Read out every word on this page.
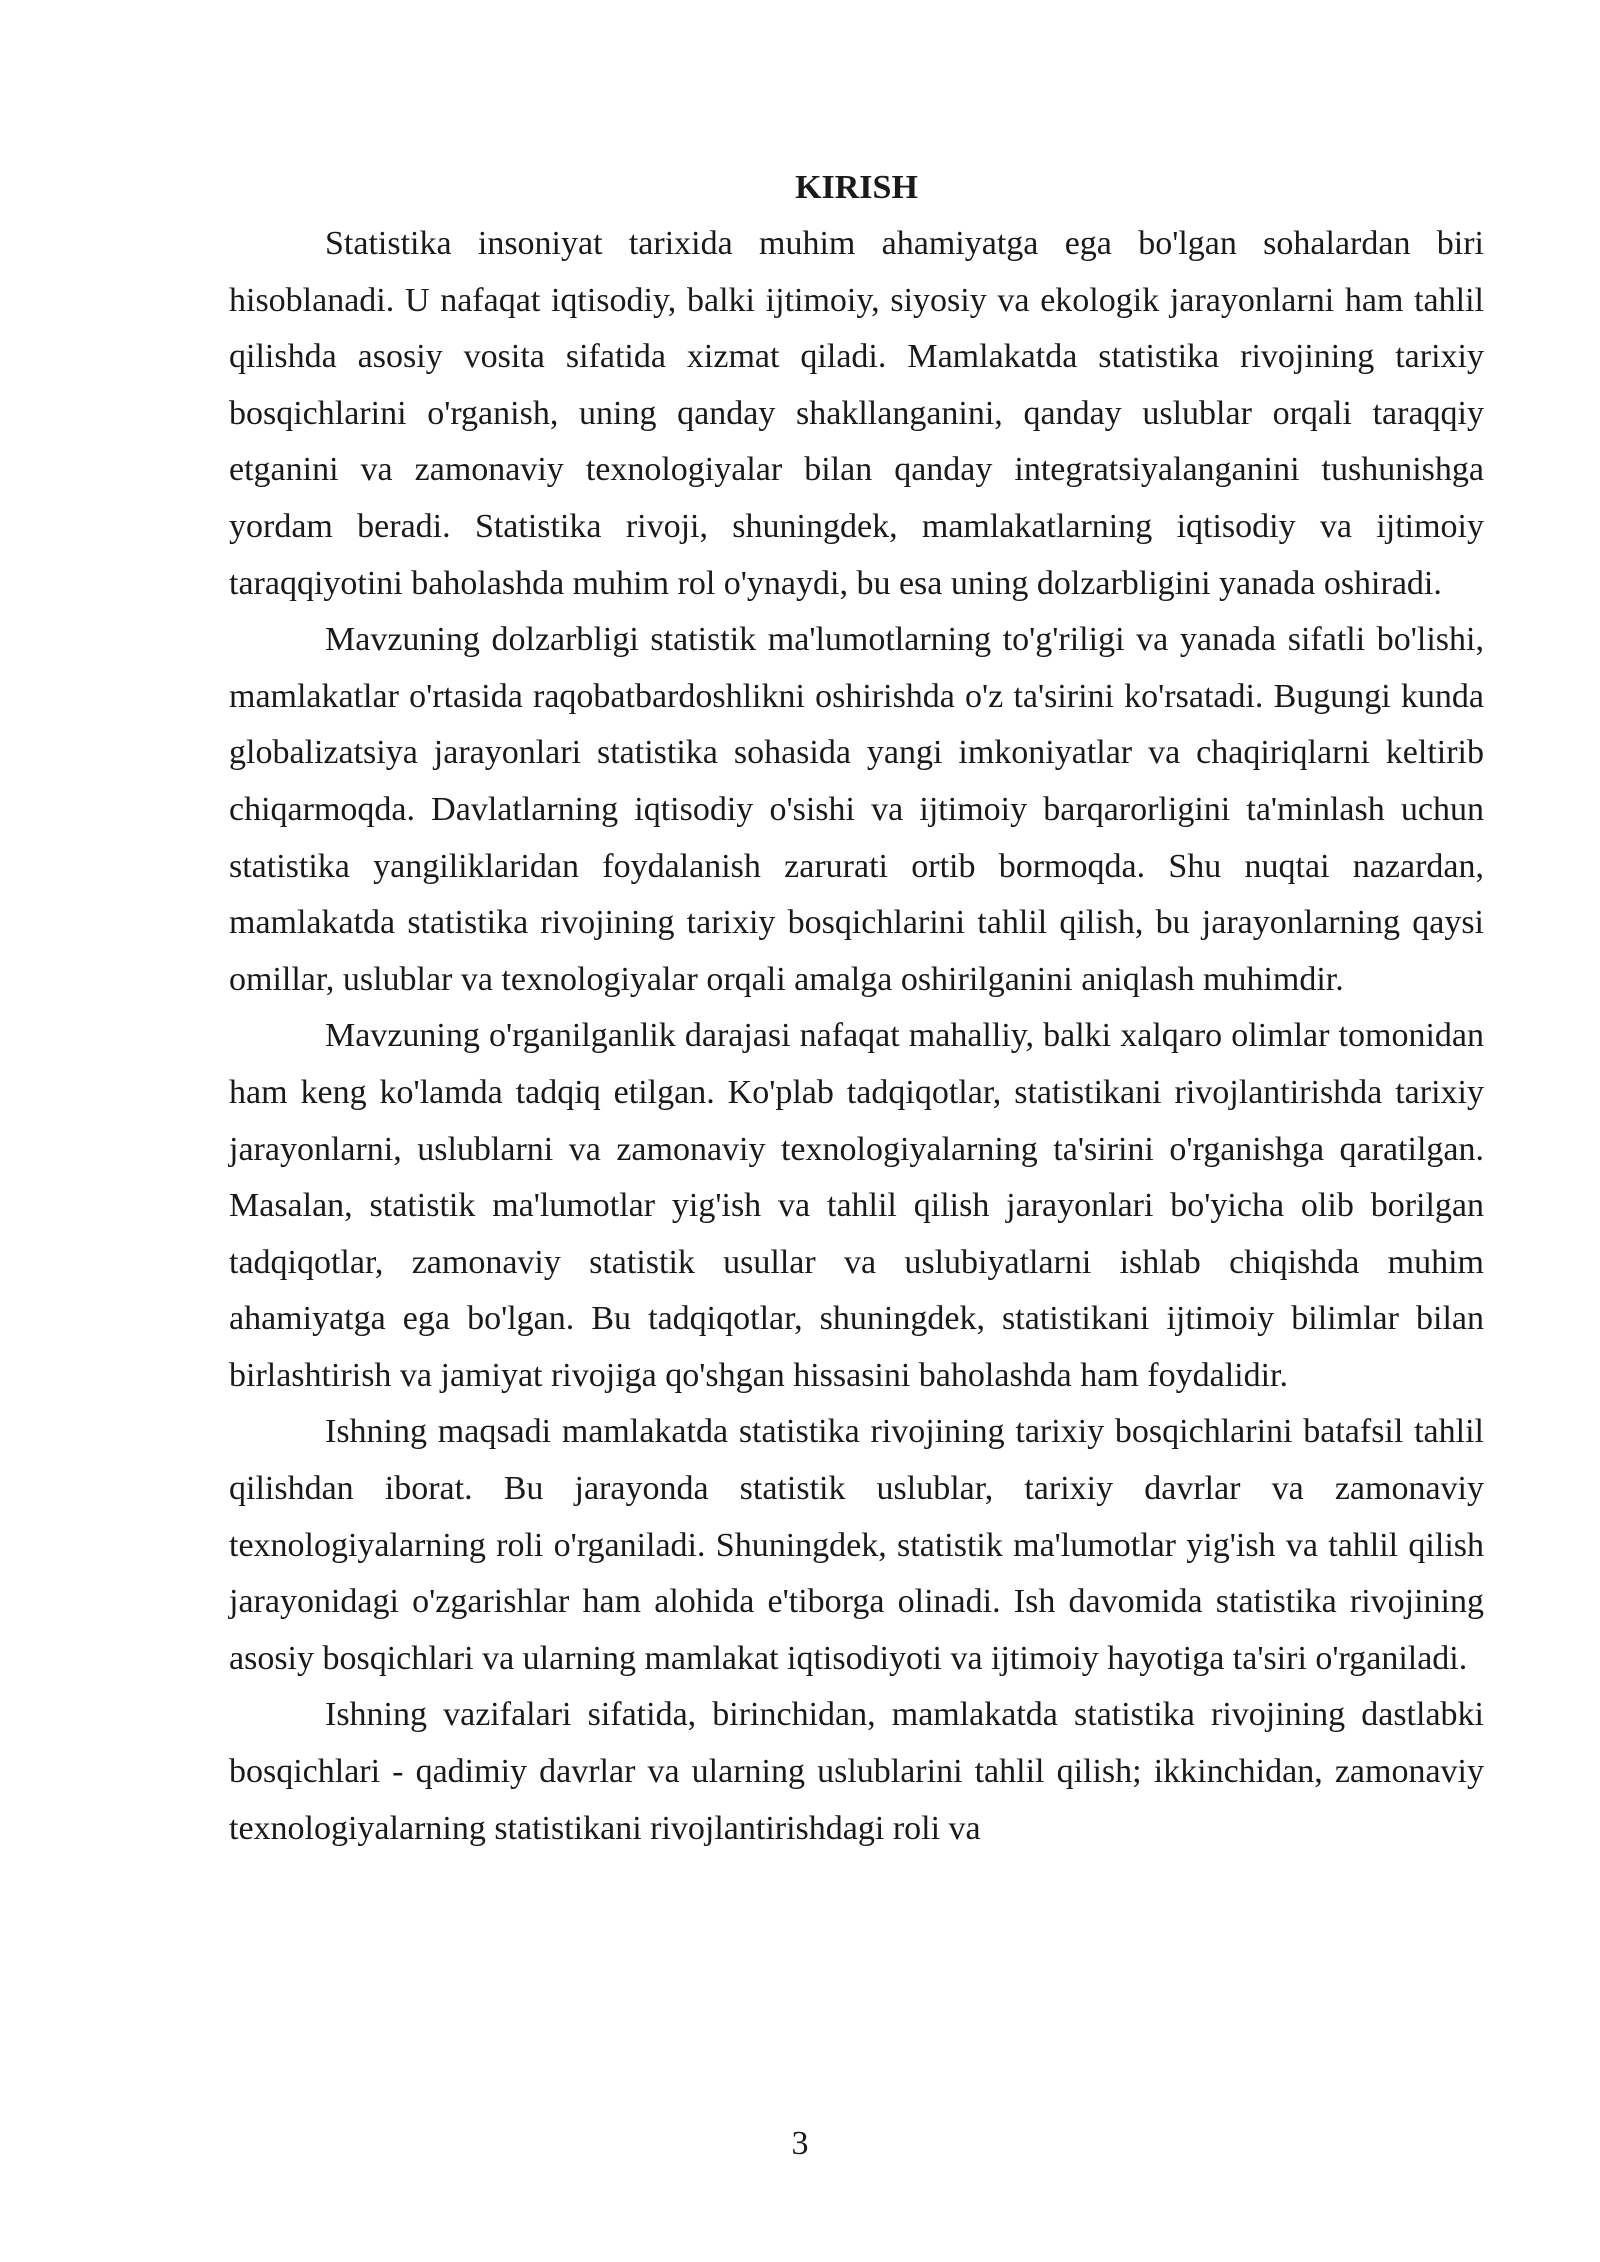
KIRISH

Statistika insoniyat tarixida muhim ahamiyatga ega bo'lgan sohalardan biri hisoblanadi. U nafaqat iqtisodiy, balki ijtimoiy, siyosiy va ekologik jarayonlarni ham tahlil qilishda asosiy vosita sifatida xizmat qiladi. Mamlakatda statistika rivojining tarixiy bosqichlarini o'rganish, uning qanday shakllanganini, qanday uslublar orqali taraqqiy etganini va zamonaviy texnologiyalar bilan qanday integratsiyalanganini tushunishga yordam beradi. Statistika rivoji, shuningdek, mamlakatlarning iqtisodiy va ijtimoiy taraqqiyotini baholashda muhim rol o'ynaydi, bu esa uning dolzarbligini yanada oshiradi.

Mavzuning dolzarbligi statistik ma'lumotlarning to'g'riligi va yanada sifatli bo'lishi, mamlakatlar o'rtasida raqobatbardoshlikni oshirishda o'z ta'sirini ko'rsatadi. Bugungi kunda globalizatsiya jarayonlari statistika sohasida yangi imkoniyatlar va chaqiriqlarni keltirib chiqarmoqda. Davlatlarning iqtisodiy o'sishi va ijtimoiy barqarorligini ta'minlash uchun statistika yangiliklaridan foydalanish zarurati ortib bormoqda. Shu nuqtai nazardan, mamlakatda statistika rivojining tarixiy bosqichlarini tahlil qilish, bu jarayonlarning qaysi omillar, uslublar va texnologiyalar orqali amalga oshirilganini aniqlash muhimdir.

Mavzuning o'rganilganlik darajasi nafaqat mahalliy, balki xalqaro olimlar tomonidan ham keng ko'lamda tadqiq etilgan. Ko'plab tadqiqotlar, statistikani rivojlantirishda tarixiy jarayonlarni, uslublarni va zamonaviy texnologiyalarning ta'sirini o'rganishga qaratilgan. Masalan, statistik ma'lumotlar yig'ish va tahlil qilish jarayonlari bo'yicha olib borilgan tadqiqotlar, zamonaviy statistik usullar va uslubiyatlarni ishlab chiqishda muhim ahamiyatga ega bo'lgan. Bu tadqiqotlar, shuningdek, statistikani ijtimoiy bilimlar bilan birlashtirish va jamiyat rivojiga qo'shgan hissasini baholashda ham foydalidir.

Ishning maqsadi mamlakatda statistika rivojining tarixiy bosqichlarini batafsil tahlil qilishdan iborat. Bu jarayonda statistik uslublar, tarixiy davrlar va zamonaviy texnologiyalarning roli o'rganiladi. Shuningdek, statistik ma'lumotlar yig'ish va tahlil qilish jarayonidagi o'zgarishlar ham alohida e'tiborga olinadi. Ish davomida statistika rivojining asosiy bosqichlari va ularning mamlakat iqtisodiyoti va ijtimoiy hayotiga ta'siri o'rganiladi.

Ishning vazifalari sifatida, birinchidan, mamlakatda statistika rivojining dastlabki bosqichlari - qadimiy davrlar va ularning uslublarini tahlil qilish; ikkinchidan, zamonaviy texnologiyalarning statistikani rivojlantirishdagi roli va

3
